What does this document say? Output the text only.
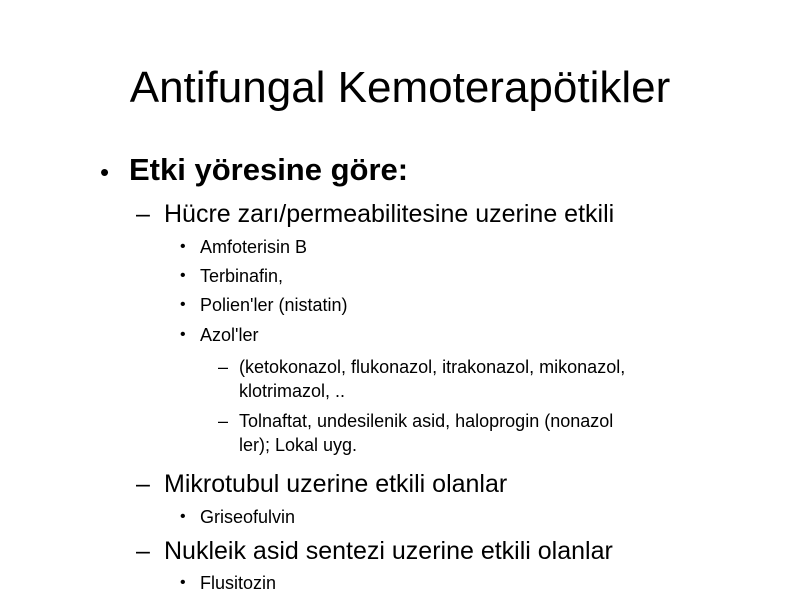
Antifungal Kemoterapötikler
• Etki yöresine göre:
– Hücre zarı/permeabilitesine uzerine etkili
• Amfoterisin B
• Terbinafin,
• Polien'ler (nistatin)
• Azol'ler
– (ketokonazol, flukonazol, itrakonazol, mikonazol, klotrimazol, ..
– Tolnaftat, undesilenik asid, haloprogin (nonazol ler); Lokal uyg.
– Mikrotubul uzerine etkili olanlar
• Griseofulvin
– Nukleik asid sentezi uzerine etkili olanlar
• Flusitozin
